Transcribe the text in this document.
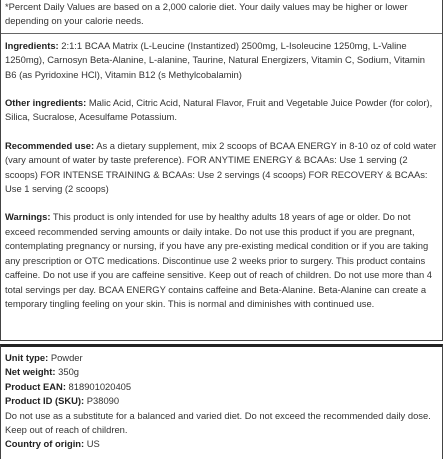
*Percent Daily Values are based on a 2,000 calorie diet. Your daily values may be higher or lower depending on your calorie needs.

Ingredients: 2:1:1 BCAA Matrix (L-Leucine (Instantized) 2500mg, L-Isoleucine 1250mg, L-Valine 1250mg), Carnosyn Beta-Alanine, L-alanine, Taurine, Natural Energizers, Vitamin C, Sodium, Vitamin B6 (as Pyridoxine HCl), Vitamin B12 (s Methylcobalamin)

Other ingredients: Malic Acid, Citric Acid, Natural Flavor, Fruit and Vegetable Juice Powder (for color), Silica, Sucralose, Acesulfame Potassium.

Recommended use: As a dietary supplement, mix 2 scoops of BCAA ENERGY in 8-10 oz of cold water (vary amount of water by taste preference). FOR ANYTIME ENERGY & BCAAs: Use 1 serving (2 scoops) FOR INTENSE TRAINING & BCAAs: Use 2 servings (4 scoops) FOR RECOVERY & BCAAs: Use 1 serving (2 scoops)

Warnings: This product is only intended for use by healthy adults 18 years of age or older. Do not exceed recommended serving amounts or daily intake. Do not use this product if you are pregnant, contemplating pregnancy or nursing, if you have any pre-existing medical condition or if you are taking any prescription or OTC medications. Discontinue use 2 weeks prior to surgery. This product contains caffeine. Do not use if you are caffeine sensitive. Keep out of reach of children. Do not use more than 4 total servings per day. BCAA ENERGY contains caffeine and Beta-Alanine. Beta-Alanine can create a temporary tingling feeling on your skin. This is normal and diminishes with continued use.

Unit type: Powder

Net weight: 350g

Product EAN: 818901020405

Product ID (SKU): P38090

Do not use as a substitute for a balanced and varied diet. Do not exceed the recommended daily dose. Keep out of reach of children.

Country of origin: US
